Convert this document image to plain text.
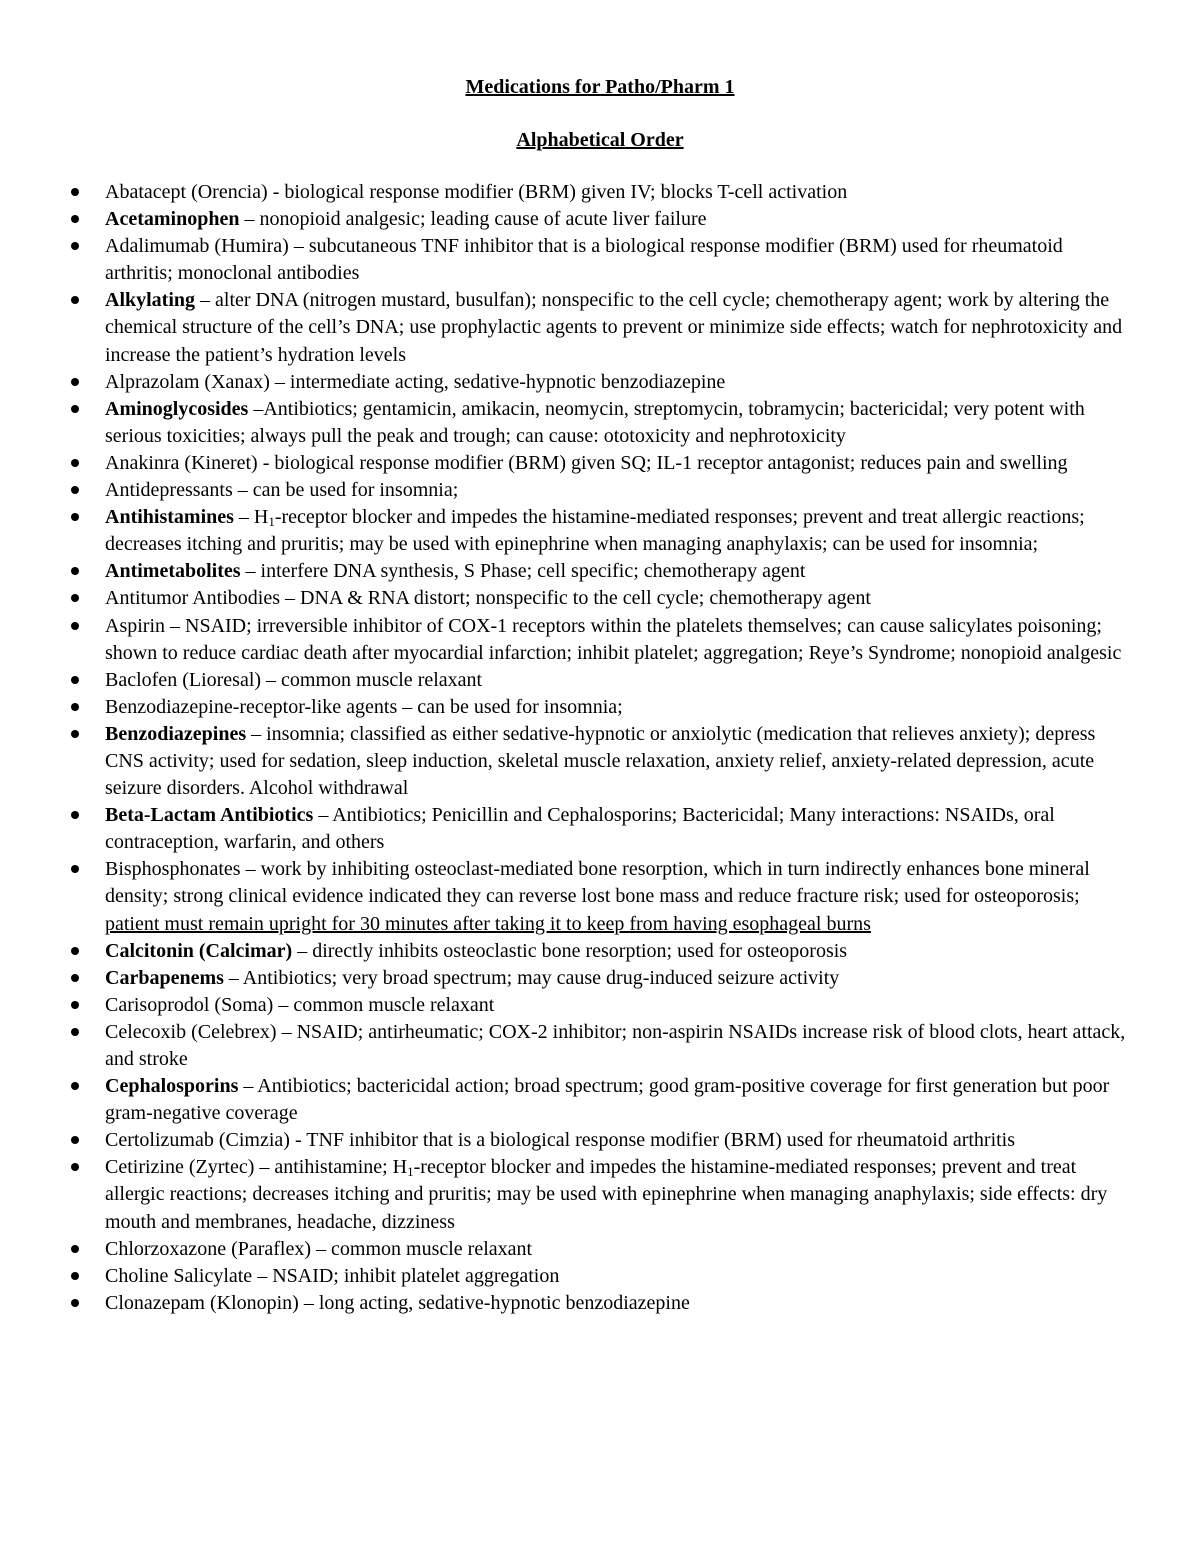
Medications for Patho/Pharm 1
Alphabetical Order
Abatacept (Orencia) - biological response modifier (BRM) given IV; blocks T-cell activation
Acetaminophen – nonopioid analgesic; leading cause of acute liver failure
Adalimumab (Humira) – subcutaneous TNF inhibitor that is a biological response modifier (BRM) used for rheumatoid arthritis; monoclonal antibodies
Alkylating – alter DNA (nitrogen mustard, busulfan); nonspecific to the cell cycle; chemotherapy agent; work by altering the chemical structure of the cell’s DNA; use prophylactic agents to prevent or minimize side effects; watch for nephrotoxicity and increase the patient’s hydration levels
Alprazolam (Xanax) – intermediate acting, sedative-hypnotic benzodiazepine
Aminoglycosides –Antibiotics; gentamicin, amikacin, neomycin, streptomycin, tobramycin; bactericidal; very potent with serious toxicities; always pull the peak and trough; can cause: ototoxicity and nephrotoxicity
Anakinra (Kineret) - biological response modifier (BRM) given SQ; IL-1 receptor antagonist; reduces pain and swelling
Antidepressants – can be used for insomnia;
Antihistamines – $H_1$-receptor blocker and impedes the histamine-mediated responses; prevent and treat allergic reactions; decreases itching and pruritis; may be used with epinephrine when managing anaphylaxis; can be used for insomnia;
Antimetabolites – interfere DNA synthesis, S Phase; cell specific; chemotherapy agent
Antitumor Antibodies – DNA & RNA distort; nonspecific to the cell cycle; chemotherapy agent
Aspirin – NSAID; irreversible inhibitor of COX-1 receptors within the platelets themselves; can cause salicylates poisoning; shown to reduce cardiac death after myocardial infarction; inhibit platelet; aggregation; Reye’s Syndrome; nonopioid analgesic
Baclofen (Lioresal) – common muscle relaxant
Benzodiazepine-receptor-like agents – can be used for insomnia;
Benzodiazepines – insomnia; classified as either sedative-hypnotic or anxiolytic (medication that relieves anxiety); depress CNS activity; used for sedation, sleep induction, skeletal muscle relaxation, anxiety relief, anxiety-related depression, acute seizure disorders. Alcohol withdrawal
Beta-Lactam Antibiotics – Antibiotics; Penicillin and Cephalosporins; Bactericidal; Many interactions: NSAIDs, oral contraception, warfarin, and others
Bisphosphonates – work by inhibiting osteoclast-mediated bone resorption, which in turn indirectly enhances bone mineral density; strong clinical evidence indicated they can reverse lost bone mass and reduce fracture risk; used for osteoporosis; patient must remain upright for 30 minutes after taking it to keep from having esophageal burns
Calcitonin (Calcimar) – directly inhibits osteoclastic bone resorption; used for osteoporosis
Carbapenems – Antibiotics; very broad spectrum; may cause drug-induced seizure activity
Carisoprodol (Soma) – common muscle relaxant
Celecoxib (Celebrex) – NSAID; antirheumatic; COX-2 inhibitor; non-aspirin NSAIDs increase risk of blood clots, heart attack, and stroke
Cephalosporins – Antibiotics; bactericidal action; broad spectrum; good gram-positive coverage for first generation but poor gram-negative coverage
Certolizumab (Cimzia) - TNF inhibitor that is a biological response modifier (BRM) used for rheumatoid arthritis
Cetirizine (Zyrtec) – antihistamine; $H_1$-receptor blocker and impedes the histamine-mediated responses; prevent and treat allergic reactions; decreases itching and pruritis; may be used with epinephrine when managing anaphylaxis; side effects: dry mouth and membranes, headache, dizziness
Chlorzoxazone (Paraflex) – common muscle relaxant
Choline Salicylate – NSAID; inhibit platelet aggregation
Clonazepam (Klonopin) – long acting, sedative-hypnotic benzodiazepine
